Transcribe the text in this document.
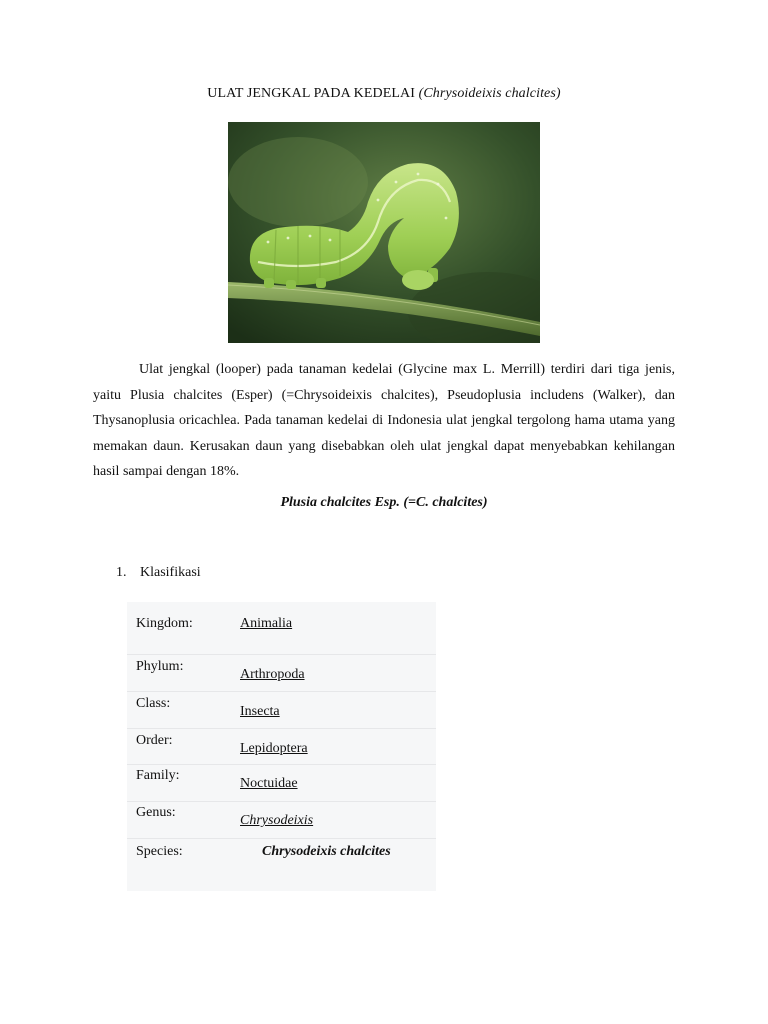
ULAT JENGKAL PADA KEDELAI (Chrysoideixis chalcites)

Ulat jengkal (looper) pada tanaman kedelai (Glycine max L. Merrill) terdiri dari tiga jenis, yaitu Plusia chalcites (Esper) (=Chrysoideixis chalcites), Pseudoplusia includens (Walker), dan Thysanoplusia oricachlea. Pada tanaman kedelai di Indonesia ulat jengkal tergolong hama utama yang memakan daun. Kerusakan daun yang disebabkan oleh ulat jengkal dapat menyebabkan kehilangan hasil sampai dengan 18%.

Plusia chalcites Esp. (=C. chalcites)
1. Klasifikasi
Kingdom:	Animalia
Phylum:
Arthropoda
Class:
Insecta
Order:
Lepidoptera
Family:
Noctuidae
Genus:
Chrysodeixis
Species:	Chrysodeixis chalcites
